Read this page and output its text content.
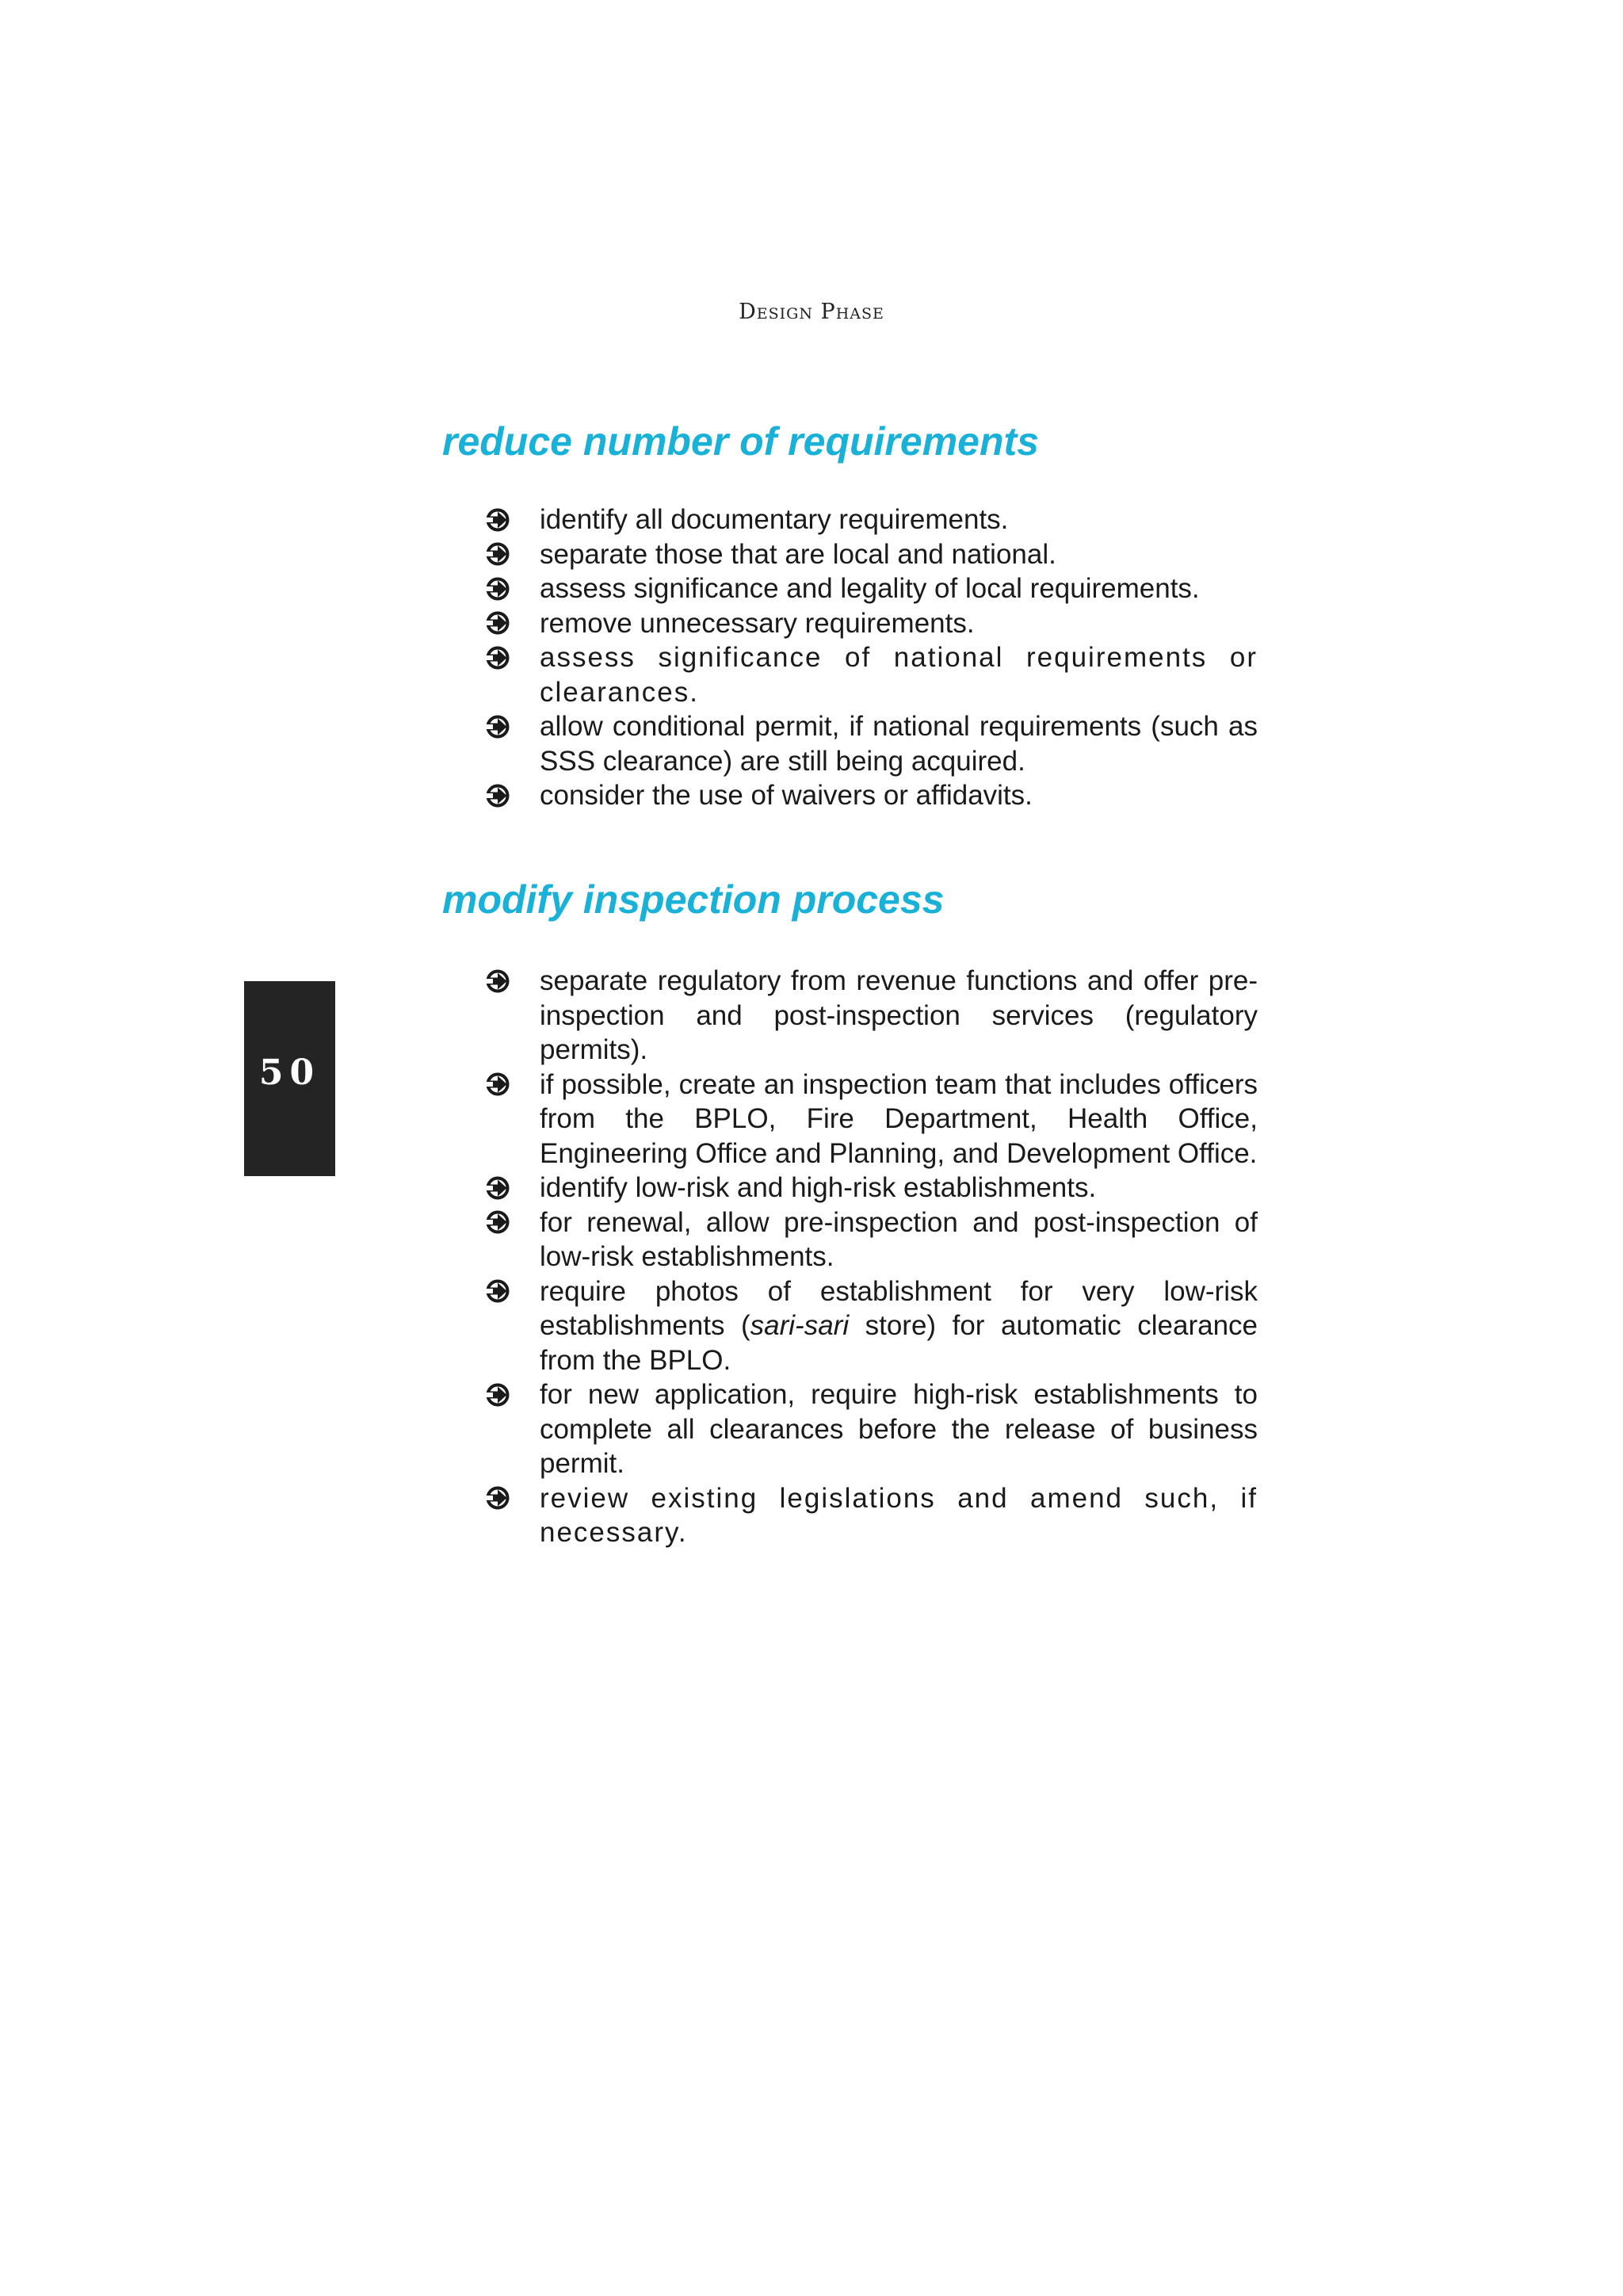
Design Phase
reduce number of requirements
identify all documentary requirements.
separate those that are local and national.
assess significance and legality of local requirements.
remove unnecessary requirements.
assess significance of national requirements or clearances.
allow conditional permit, if national requirements (such as SSS clearance) are still being acquired.
consider the use of waivers or affidavits.
modify inspection process
separate regulatory from revenue functions and offer pre-inspection and post-inspection services (regulatory permits).
if possible, create an inspection team that includes officers from the BPLO, Fire Department, Health Office, Engineering Office and Planning, and Development Office.
identify low-risk and high-risk establishments.
for renewal, allow pre-inspection and post-inspection of low-risk establishments.
require photos of establishment for very low-risk establishments (sari-sari store) for automatic clearance from the BPLO.
for new application, require high-risk establishments to complete all clearances before the release of business permit.
review existing legislations and amend such, if necessary.
50
